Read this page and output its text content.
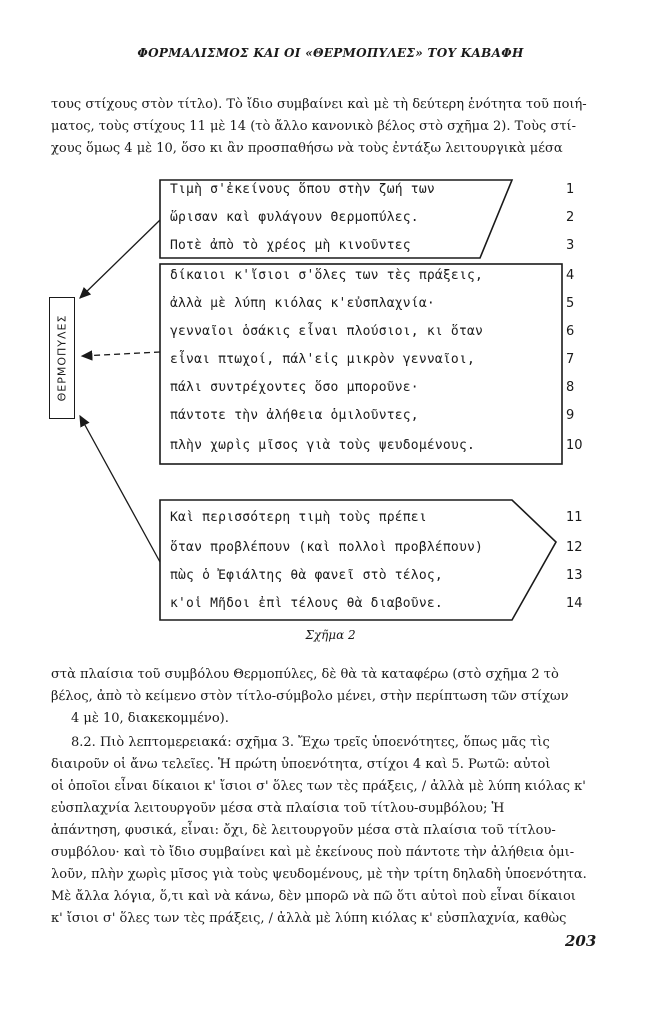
ΦΟΡΜΑΛΙΣΜΟΣ ΚΑΙ ΟΙ «ΘΕΡΜΟΠΥΛΕΣ» ΤΟΥ ΚΑΒΑΦΗ
τους στίχους στὸν τίτλο). Τὸ ἴδιο συμβαίνει καὶ μὲ τὴ δεύτερη ἑνότητα τοῦ ποιή-
ματος, τοὺς στίχους 11 μὲ 14 (τὸ ἄλλο κανονικὸ βέλος στὸ σχῆμα 2). Τοὺς στί-
χους ὅμως 4 μὲ 10, ὅσο κι ἂν προσπαθήσω νὰ τοὺς ἐντάξω λειτουργικὰ μέσα
ΘΕΡΜΟΠΥΛΕΣ
Τιμὴ σ'ἐκείνους ὅπου στὴν ζωή των
ὥρισαν καὶ φυλάγουν Θερμοπύλες.
Ποτὲ ἀπὸ τὸ χρέος μὴ κινοῦντες
δίκαιοι κ'ἴσιοι σ'ὅλες των τὲς πράξεις,
ἀλλὰ μὲ λύπη κιόλας κ'εὐσπλαχνία·
γενναῖοι ὁσάκις εἶναι πλούσιοι, κι ὅταν
εἶναι πτωχοί, πάλ'εἰς μικρὸν γενναῖοι,
πάλι συντρέχοντες ὅσο μποροῦνε·
πάντοτε τὴν ἀλήθεια ὁμιλοῦντες,
πλὴν χωρὶς μῖσος γιὰ τοὺς ψευδομένους.
Καὶ περισσότερη τιμὴ τοὺς πρέπει
ὅταν προβλέπουν (καὶ πολλοὶ προβλέπουν)
πὼς ὁ Ἐφιάλτης θὰ φανεῖ στὸ τέλος,
κ'οἱ Μῆδοι ἐπὶ τέλους θὰ διαβοῦνε.
1
2
3
4
5
6
7
8
9
10
11
12
13
14
Σχῆμα 2
στὰ πλαίσια τοῦ συμβόλου Θερμοπύλες, δὲ θὰ τὰ καταφέρω (στὸ σχῆμα 2 τὸ
βέλος, ἀπὸ τὸ κείμενο στὸν τίτλο-σύμβολο μένει, στὴν περίπτωση τῶν στίχων
4 μὲ 10, διακεκομμένο).
8.2. Πιὸ λεπτομερειακά: σχῆμα 3. Ἔχω τρεῖς ὑποενότητες, ὅπως μᾶς τὶς
διαιροῦν οἱ ἄνω τελεῖες. Ἡ πρώτη ὑποενότητα, στίχοι 4 καὶ 5. Ρωτῶ: αὐτοὶ
οἱ ὁποῖοι εἶναι δίκαιοι κ' ἴσιοι σ' ὅλες των τὲς πράξεις, / ἀλλὰ μὲ λύπη κιόλας κ'
εὐσπλαχνία λειτουργοῦν μέσα στὰ πλαίσια τοῦ τίτλου-συμβόλου; Ἡ
ἀπάντηση, φυσικά, εἶναι: ὄχι, δὲ λειτουργοῦν μέσα στὰ πλαίσια τοῦ τίτλου-
συμβόλου· καὶ τὸ ἴδιο συμβαίνει καὶ μὲ ἐκείνους ποὺ πάντοτε τὴν ἀλήθεια ὁμι-
λοῦν, πλὴν χωρὶς μῖσος γιὰ τοὺς ψευδομένους, μὲ τὴν τρίτη δηλαδὴ ὑποενότητα.
Μὲ ἄλλα λόγια, ὅ,τι καὶ νὰ κάνω, δὲν μπορῶ νὰ πῶ ὅτι αὐτοὶ ποὺ εἶναι δίκαιοι
κ' ἴσιοι σ' ὅλες των τὲς πράξεις, / ἀλλὰ μὲ λύπη κιόλας κ' εὐσπλαχνία, καθὼς
203
